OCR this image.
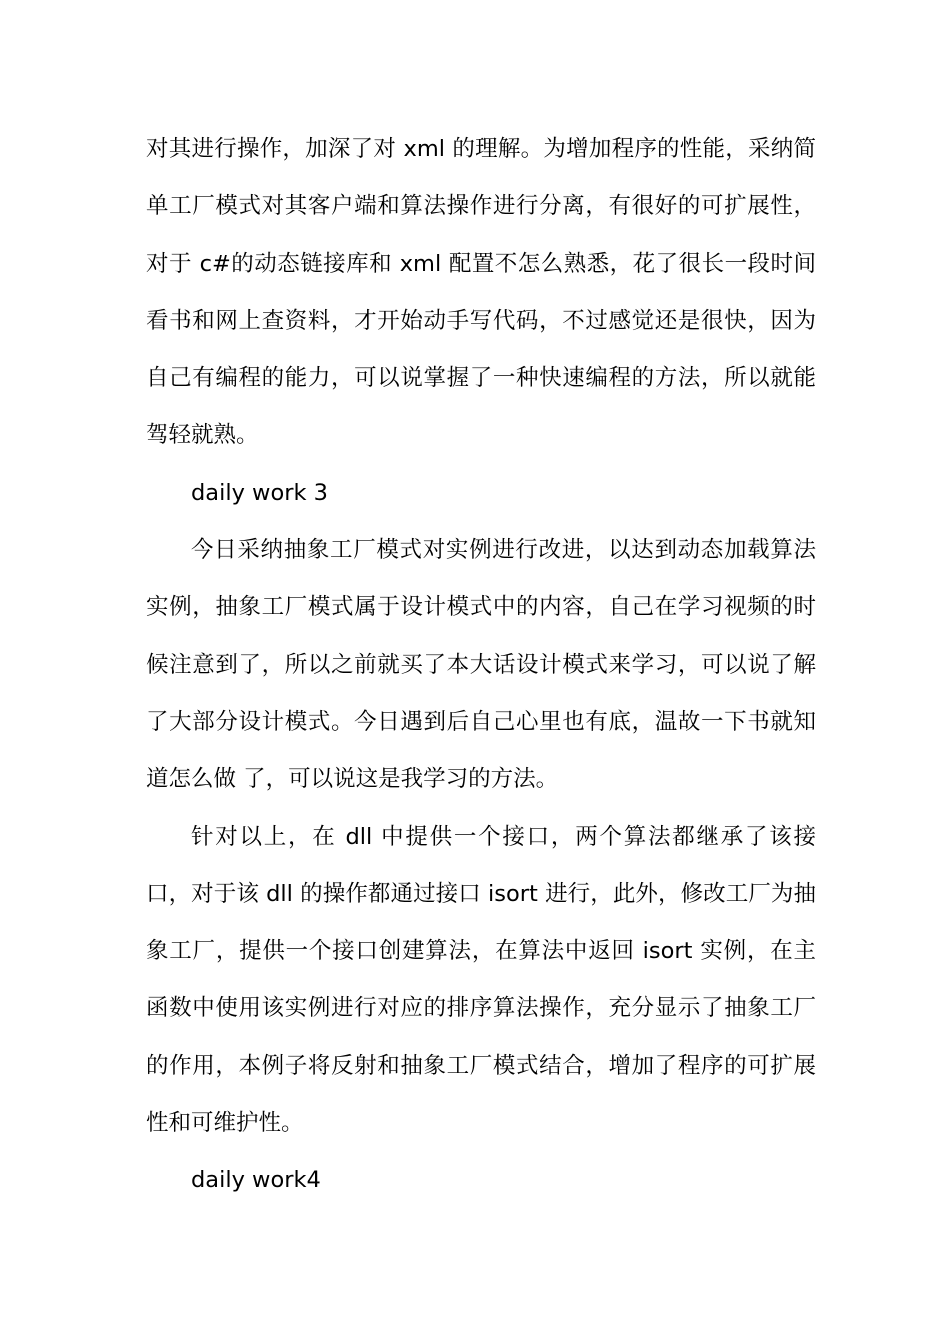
对其进行操作，加深了对 xml 的理解。为增加程序的性能，采纳简单工厂模式对其客户端和算法操作进行分离，有很好的可扩展性，对于 c#的动态链接库和 xml 配置不怎么熟悉，花了很长一段时间看书和网上查资料，才开始动手写代码，不过感觉还是很快，因为自己有编程的能力，可以说掌握了一种快速编程的方法，所以就能驾轻就熟。

daily work 3

今日采纳抽象工厂模式对实例进行改进，以达到动态加载算法实例，抽象工厂模式属于设计模式中的内容，自己在学习视频的时候注意到了，所以之前就买了本大话设计模式来学习，可以说了解了大部分设计模式。今日遇到后自己心里也有底，温故一下书就知道怎么做 了，可以说这是我学习的方法。

针对以上，在 dll 中提供一个接口，两个算法都继承了该接口，对于该 dll 的操作都通过接口 isort 进行，此外，修改工厂为抽象工厂，提供一个接口创建算法，在算法中返回 isort 实例，在主函数中使用该实例进行对应的排序算法操作，充分显示了抽象工厂的作用，本例子将反射和抽象工厂模式结合，增加了程序的可扩展性和可维护性。

daily work4
